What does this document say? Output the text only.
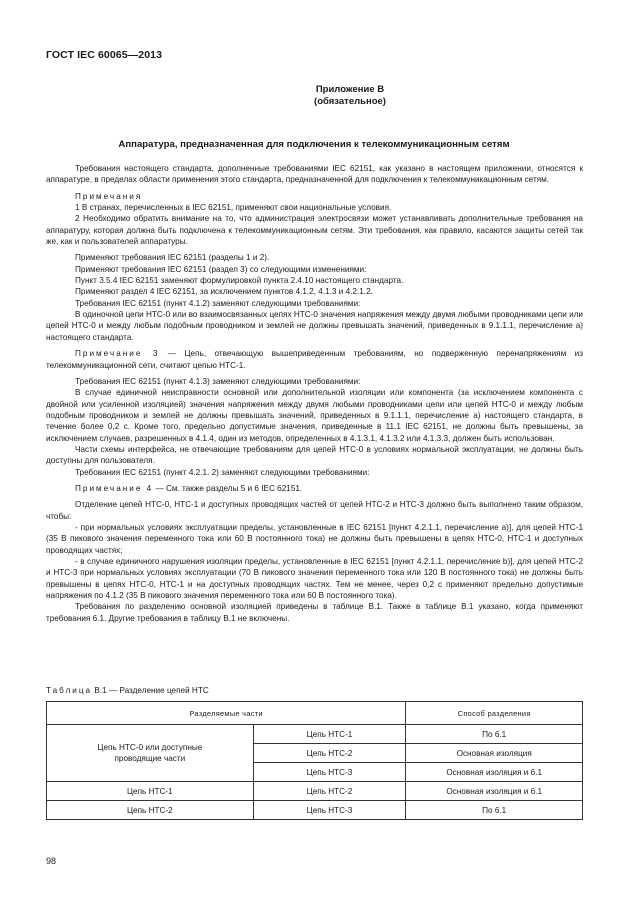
ГОСТ IEC 60065—2013
Приложение В
(обязательное)
Аппаратура, предназначенная для подключения к телекоммуникационным сетям

Требования настоящего стандарта, дополненные требованиями IEC 62151, как указано в настоящем приложении, относятся к аппаратуре, в пределах области применения этого стандарта, предназначенной для подключения к телекоммуникационным сетям.

Примечания

1 В странах, перечисленных в IEC 62151, применяют свои национальные условия.

2 Необходимо обратить внимание на то, что администрация электросвязи может устанавливать дополнительные требования на аппаратуру, которая должна быть подключена к телекоммуникационным сетям. Эти требования, как правило, касаются защиты сетей так же, как и пользователей аппаратуры.

Применяют требования IEC 62151 (разделы 1 и 2).

Применяют требования IEC 62151 (раздел 3) со следующими изменениями:

Пункт 3.5.4 IEC 62151 заменяют формулировкой пункта 2.4.10 настоящего стандарта.

Применяют раздел 4 IEC 62151, за исключением пунктов 4.1.2, 4.1.3 и 4.2.1.2.

Требования IEC 62151 (пункт 4.1.2) заменяют следующими требованиями:

В одиночной цепи НТС-0 или во взаимосвязанных цепях НТС-0 значения напряжения между двумя любыми проводниками цепи или цепей НТС-0 и между любым подобным проводником и землей не должны превышать значений, приведенных в 9.1.1.1, перечисление а) настоящего стандарта.

Примечание 3 — Цепь, отвечающую вышеприведенным требованиям, но подверженную перенапряжениям из телекоммуникационной сети, считают цепью НТС-1.

Требования IEC 62151 (пункт 4.1.3) заменяют следующими требованиями:

В случае единичной неисправности основной или дополнительной изоляции или компонента (за исключением компонента с двойной или усиленной изоляцией) значения напряжения между двумя любыми проводниками цепи или цепей НТС-0 и между любым подобным проводником и землей не должны превышать значений, приведенных в 9.1.1.1, перечисление а) настоящего стандарта, в течение более 0,2 с. Кроме того, предельно допустимые значения, приведенные в 11.1 IEC 62151, не должны быть превышены, за исключением случаев, разрешенных в 4.1.4, один из методов, определенных в 4.1.3.1, 4.1.3.2 или 4.1.3.3, должен быть использован.

Части схемы интерфейса, не отвечающие требованиям для цепей НТС-0 в условиях нормальной эксплуатации, не должны быть доступны для пользователя.

Требования IEC 62151 (пункт 4.2.1. 2) заменяют следующими требованиями:

Примечание 4 — См. также разделы 5 и 6 IEC 62151.

Отделение цепей НТС-0, НТС-1 и доступных проводящих частей от цепей НТС-2 и НТС-3 должно быть выполнено таким образом, чтобы:

- при нормальных условиях эксплуатации пределы, установленные в IEC 62151 [пункт 4.2.1.1, перечисление а)], для цепей НТС-1 (35 В пикового значения переменного тока или 60 В постоянного тока) не должны быть превышены в цепях НТС-0, НТС-1 и доступных проводящих частях;

- в случае единичного нарушения изоляции пределы, установленные в IEC 62151 [пункт 4.2.1.1, перечисление b)], для цепей НТС-2 и НТС-3 при нормальных условиях эксплуатации (70 В пикового значения переменного тока или 120 В постоянного тока) не должны быть превышены в цепях НТС-0, НТС-1 и на доступных проводящих частях. Тем не менее, через 0,2 с применяют предельно допустимые напряжения по 4.1.2 (35 В пикового значения переменного тока или 60 В постоянного тока).

Требования по разделению основной изоляцией приведены в таблице В.1. Также в таблице В.1 указано, когда применяют требования 6.1. Другие требования в таблицу В.1 не включены.

Таблица В.1 — Разделение цепей НТС
Разделяемые части		Способ разделения
Цепь НТС-0 или доступные проводящие части	Цепь НТС-1	По 6.1
	Цепь НТС-2	Основная изоляция
	Цепь НТС-3	Основная изоляция и 6.1
Цепь НТС-1	Цепь НТС-2	Основная изоляция и 6.1
Цепь НТС-2	Цепь НТС-3	По 6.1
98
